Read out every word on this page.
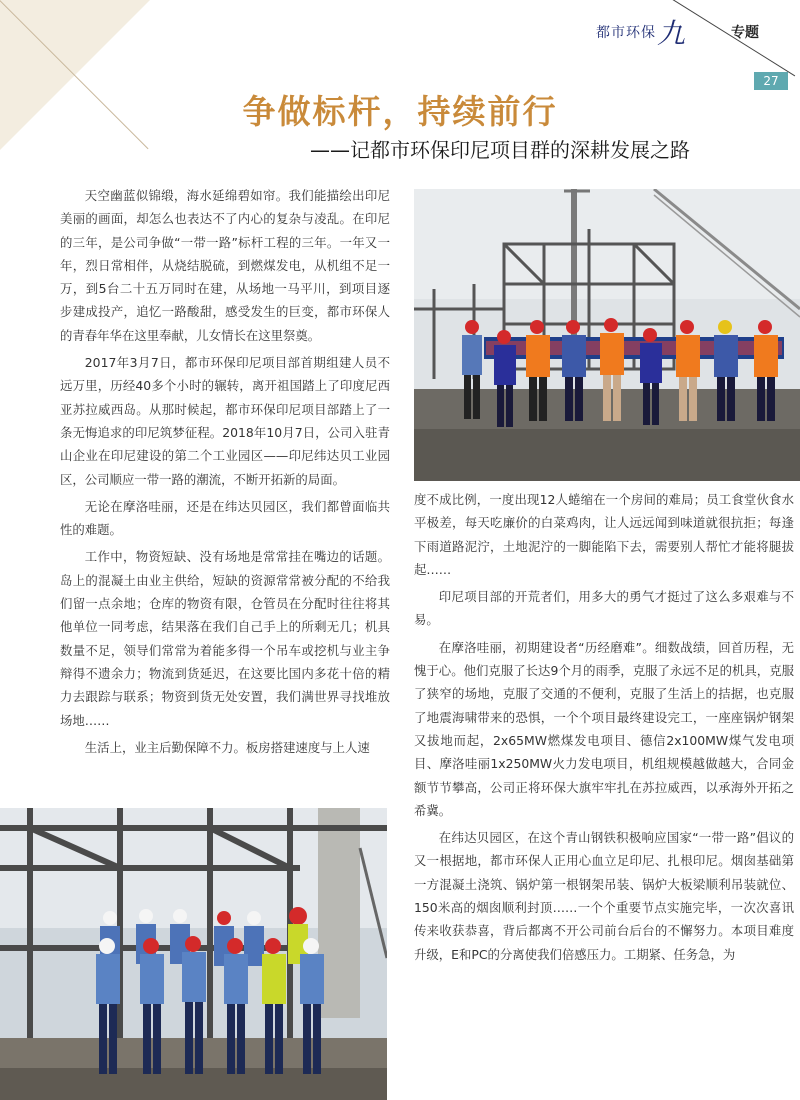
都市环保 九	专题
27
争做标杆，持续前行
——记都市环保印尼项目群的深耕发展之路

天空幽蓝似锦缎，海水延绵碧如帘。我们能描绘出印尼美丽的画面，却怎么也表达不了内心的复杂与凌乱。在印尼的三年，是公司争做“一带一路”标杆工程的三年。一年又一年，烈日常相伴，从烧结脱硫，到燃煤发电，从机组不足一万，到5台二十五万同时在建，从场地一马平川，到项目逐步建成投产，追忆一路酸甜，感受发生的巨变，都市环保人的青春年华在这里奉献，儿女情长在这里祭奠。

2017年3月7日，都市环保印尼项目部首期组建人员不远万里，历经40多个小时的辗转，离开祖国踏上了印度尼西亚苏拉威西岛。从那时候起，都市环保印尼项目部踏上了一条无悔追求的印尼筑梦征程。2018年10月7日，公司入驻青山企业在印尼建设的第二个工业园区——印尼纬达贝工业园区，公司顺应一带一路的潮流，不断开拓新的局面。

无论在摩洛哇丽，还是在纬达贝园区，我们都曾面临共性的难题。

工作中，物资短缺、没有场地是常常挂在嘴边的话题。岛上的混凝土由业主供给，短缺的资源常常被分配的不给我们留一点余地；仓库的物资有限，仓管员在分配时往往将其他单位一同考虑，结果落在我们自己手上的所剩无几；机具数量不足，领导们常常为着能多得一个吊车或挖机与业主争辩得不遗余力；物流到货延迟，在这要比国内多花十倍的精力去跟踪与联系；物资到货无处安置，我们满世界寻找堆放场地……

生活上，业主后勤保障不力。板房搭建速度与上人速

度不成比例，一度出现12人蜷缩在一个房间的难局；员工食堂伙食水平极差，每天吃廉价的白菜鸡肉，让人远远闻到味道就很抗拒；每逢下雨道路泥泞，土地泥泞的一脚能陷下去，需要别人帮忙才能将腿拔起……

印尼项目部的开荒者们，用多大的勇气才挺过了这么多艰难与不易。

在摩洛哇丽，初期建设者“历经磨难”。细数战绩，回首历程，无愧于心。他们克服了长达9个月的雨季，克服了永远不足的机具，克服了狭窄的场地，克服了交通的不便利，克服了生活上的拮据，也克服了地震海啸带来的恐惧，一个个项目最终建设完工，一座座锅炉钢架又拔地而起，2x65MW燃煤发电项目、德信2x100MW煤气发电项目、摩洛哇丽1x250MW火力发电项目，机组规模越做越大，合同金额节节攀高，公司正将环保大旗牢牢扎在苏拉威西，以承海外开拓之希冀。

在纬达贝园区，在这个青山钢铁积极响应国家“一带一路”倡议的又一根据地，都市环保人正用心血立足印尼、扎根印尼。烟囱基础第一方混凝土浇筑、锅炉第一根钢架吊装、锅炉大板梁顺利吊装就位、150米高的烟囱顺利封顶……一个个重要节点实施完毕，一次次喜讯传来收获恭喜，背后都离不开公司前台后台的不懈努力。本项目难度升级，E和PC的分离使我们倍感压力。工期紧、任务急，为
